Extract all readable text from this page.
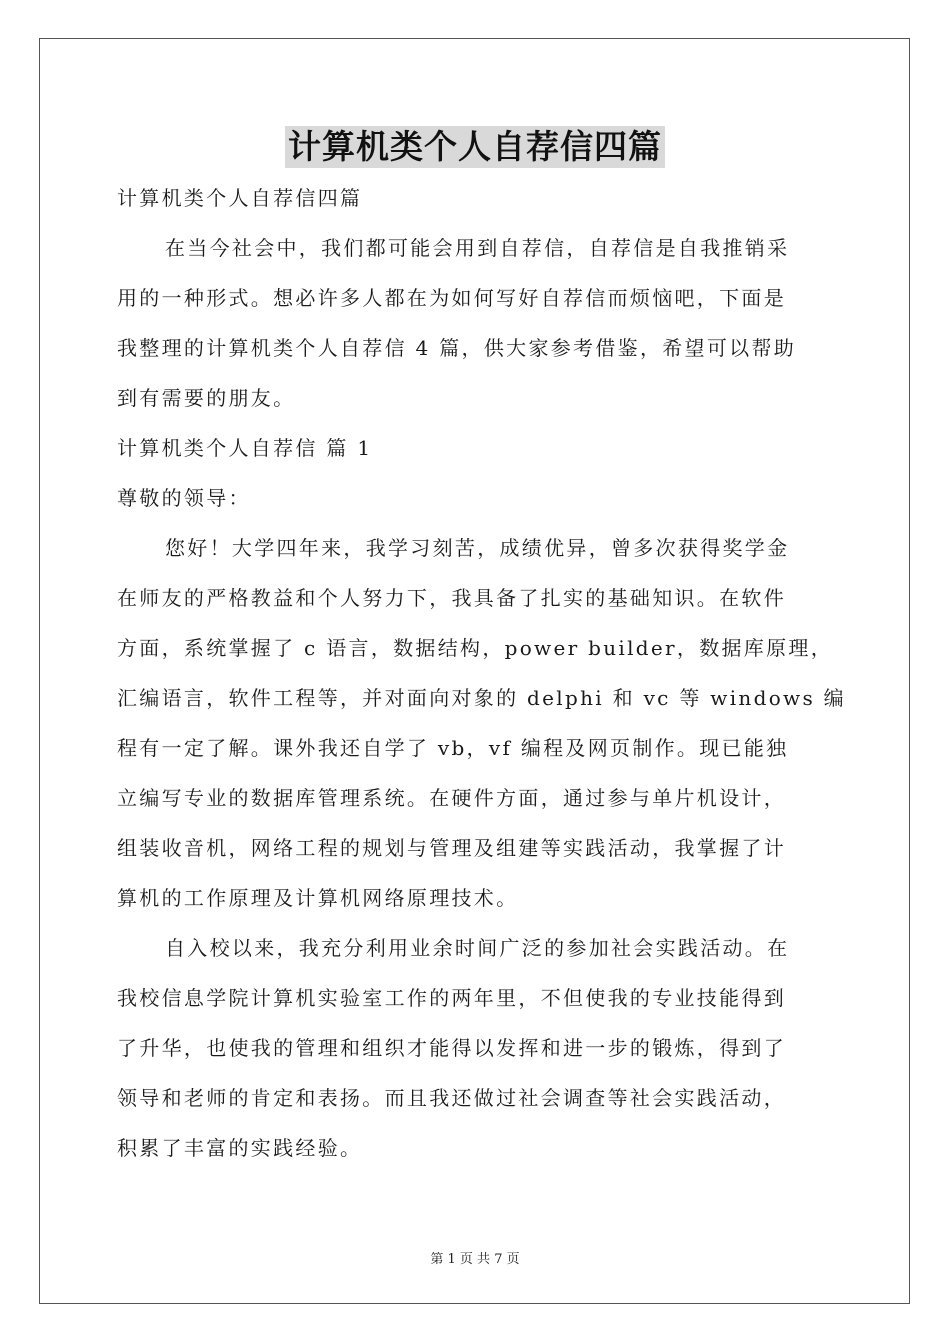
计算机类个人自荐信四篇
计算机类个人自荐信四篇
在当今社会中，我们都可能会用到自荐信，自荐信是自我推销采
用的一种形式。想必许多人都在为如何写好自荐信而烦恼吧，下面是
我整理的计算机类个人自荐信 4 篇，供大家参考借鉴，希望可以帮助
到有需要的朋友。
计算机类个人自荐信 篇 1
尊敬的领导：
您好！大学四年来，我学习刻苦，成绩优异，曾多次获得奖学金
在师友的严格教益和个人努力下，我具备了扎实的基础知识。在软件
方面，系统掌握了 c 语言，数据结构，power builder，数据库原理，
汇编语言，软件工程等，并对面向对象的 delphi 和 vc 等 windows 编
程有一定了解。课外我还自学了 vb，vf 编程及网页制作。现已能独
立编写专业的数据库管理系统。在硬件方面，通过参与单片机设计，
组装收音机，网络工程的规划与管理及组建等实践活动，我掌握了计
算机的工作原理及计算机网络原理技术。
自入校以来，我充分利用业余时间广泛的参加社会实践活动。在
我校信息学院计算机实验室工作的两年里，不但使我的专业技能得到
了升华，也使我的管理和组织才能得以发挥和进一步的锻炼，得到了
领导和老师的肯定和表扬。而且我还做过社会调查等社会实践活动，
积累了丰富的实践经验。
第 1 页 共 7 页
